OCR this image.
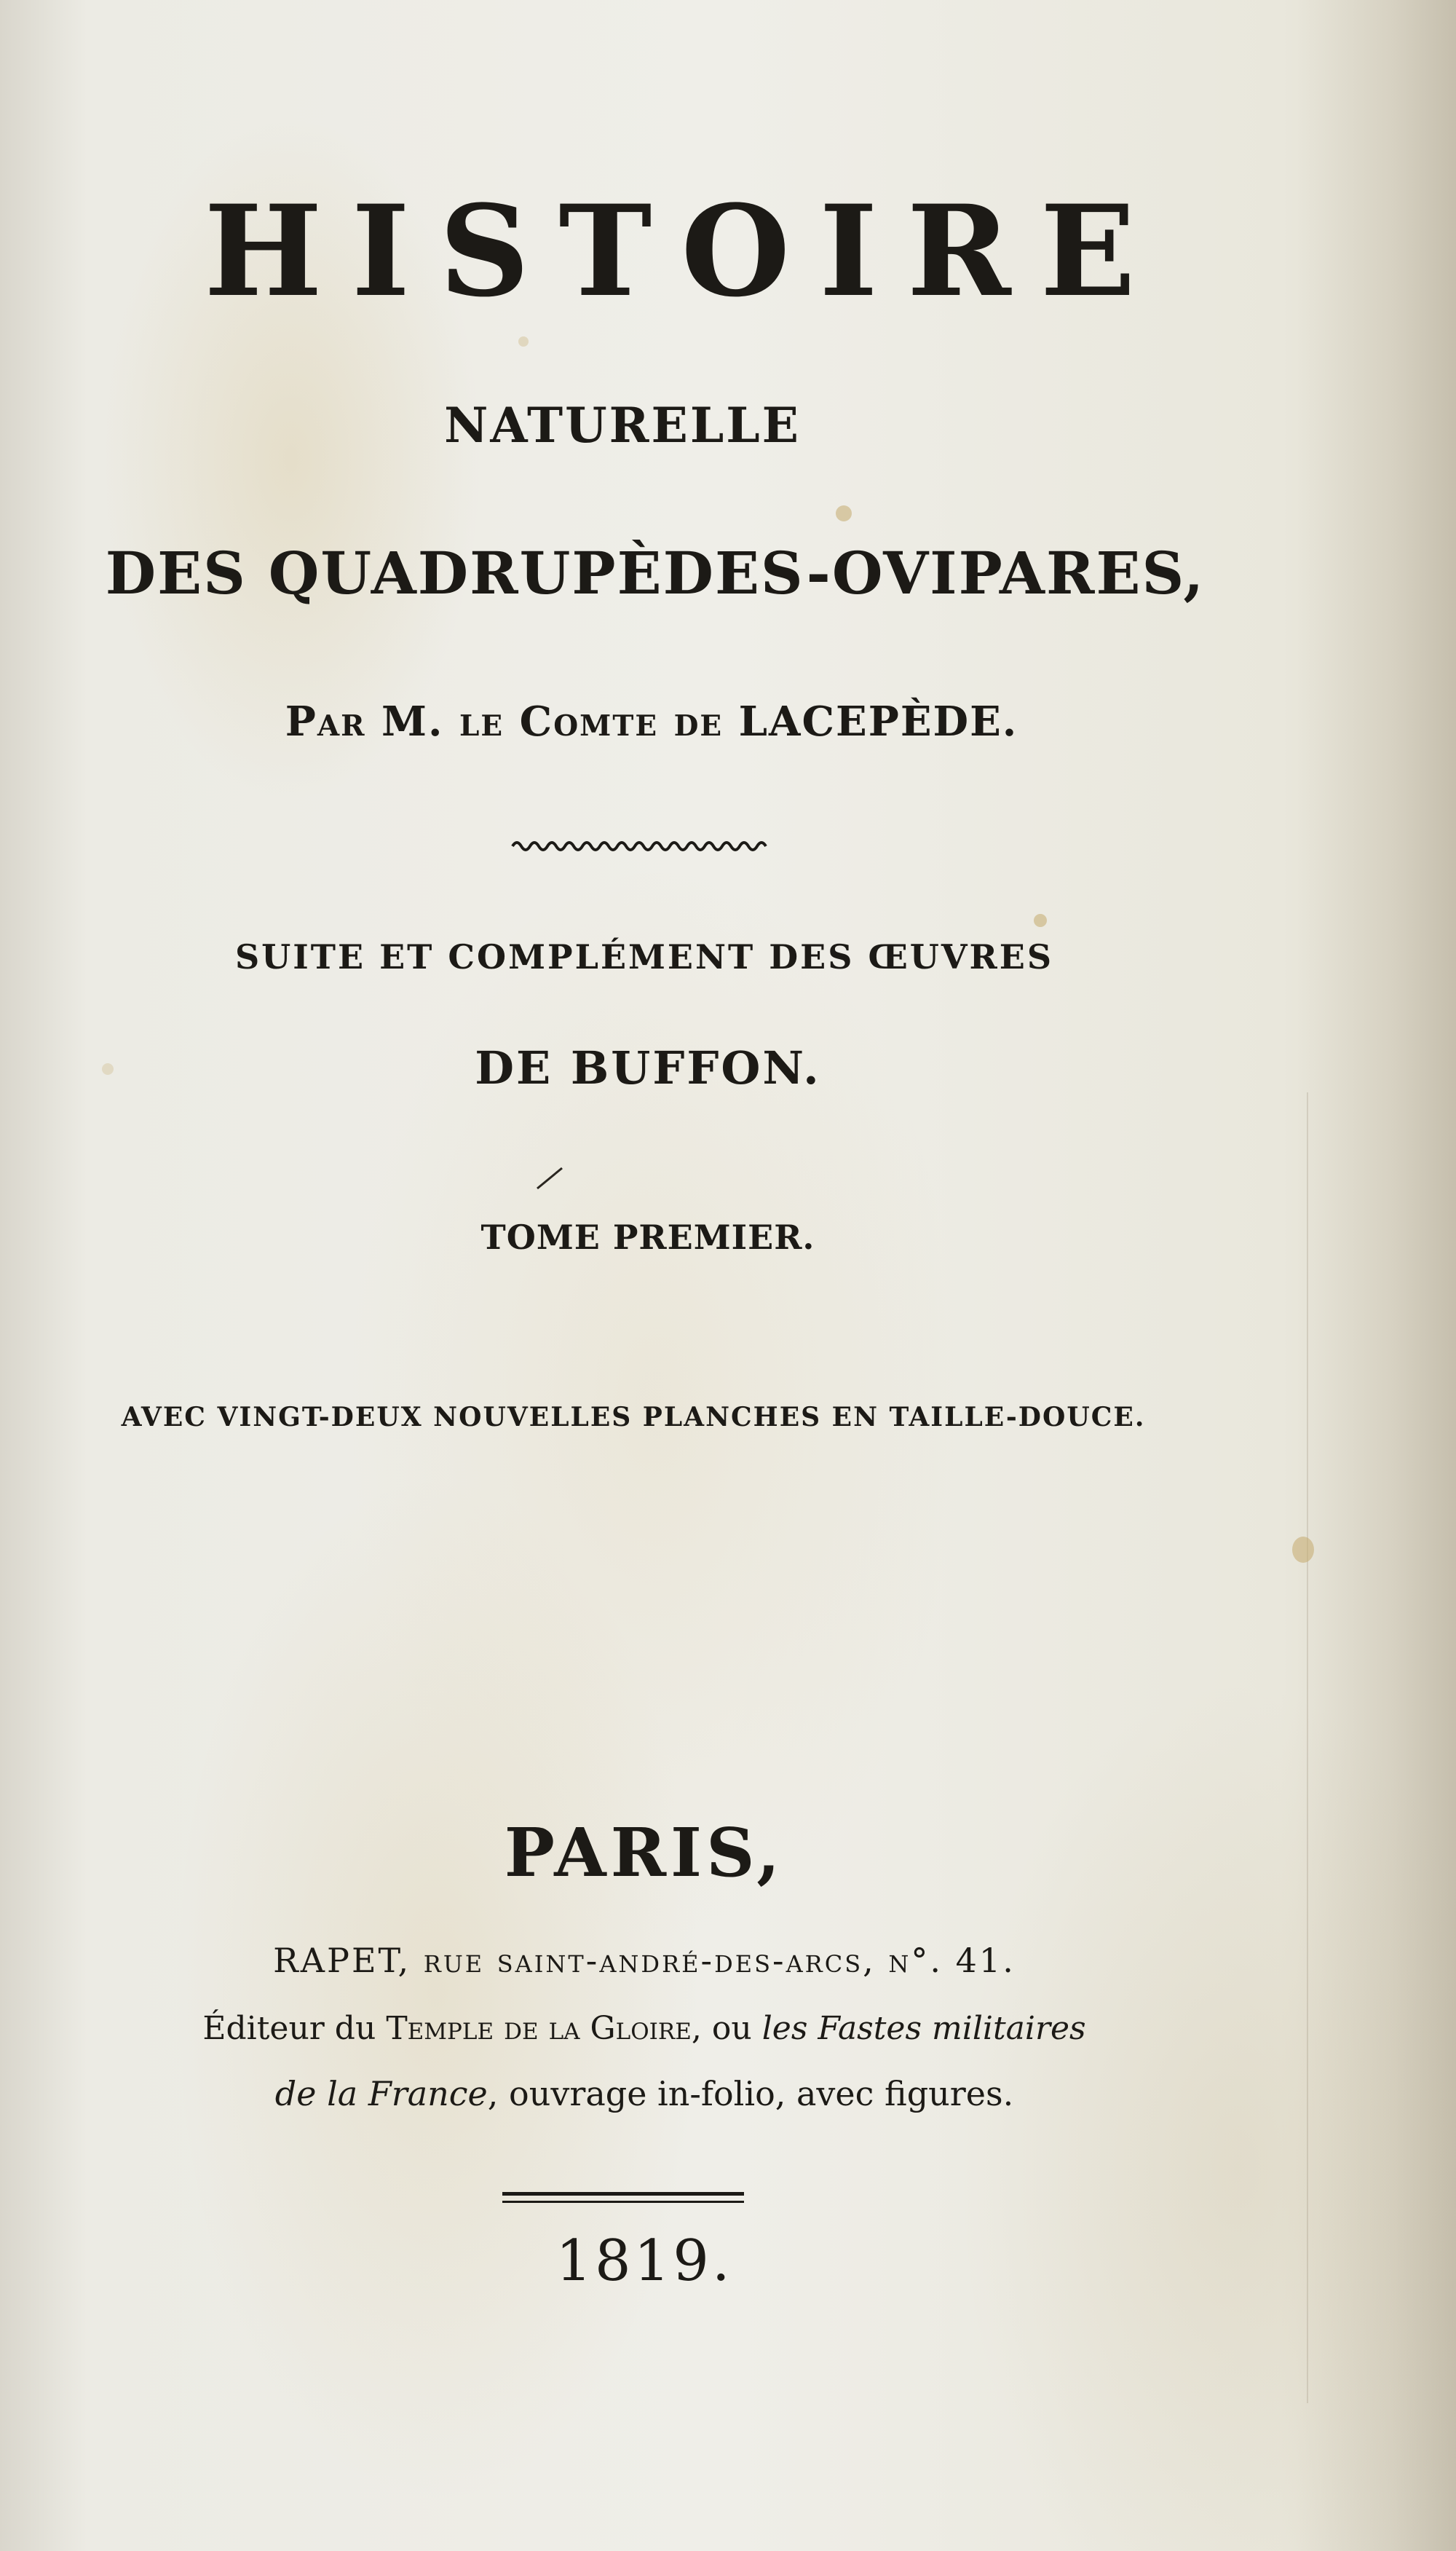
HISTOIRE
NATURELLE
DES QUADRUPÈDES-OVIPARES,
Par M. le Comte de LACEPÈDE.
SUITE ET COMPLÉMENT DES ŒUVRES
DE BUFFON.
TOME PREMIER.
AVEC VINGT-DEUX NOUVELLES PLANCHES EN TAILLE-DOUCE.
PARIS,
RAPET, rue saint-andré-des-arcs, n°. 41.
Éditeur du Temple de la Gloire, ou les Fastes militaires
de la France, ouvrage in-folio, avec figures.
1819.
